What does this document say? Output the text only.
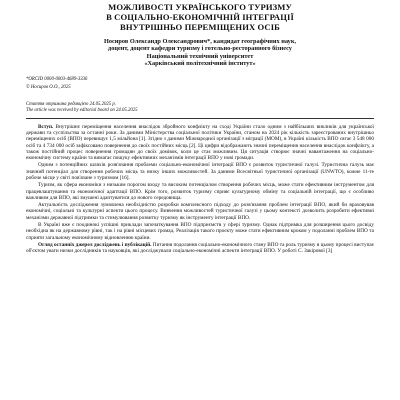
МОЖЛИВОСТІ УКРАЇНСЬКОГО ТУРИЗМУ
В СОЦІАЛЬНО-ЕКОНОМІЧНІЙ ІНТЕГРАЦІЇ
ВНУТРІШНЬО ПЕРЕМІЩЕНИХ ОСІБ
Носиров Олександр Олександрович*, кандидат географічних наук,
доцент, доцент кафедри туризму і готельно-ресторанного бізнесу
Національний технічний університет
«Харківський політехнічний інститут»
*ORCID 0000-0003-4689-3336
© Носиров О.О., 2025
Стаття отримана редакцією 24.05.2025 р.
The article was received by editorial board on 24.05.2025

Вступ. Внутрішнє переміщення населення внаслідок збройного конфлікту на сході України стало одним з найбільших викликів для української держави та суспільства за останні роки. За даними Міністерства соціальної політики України, станом на 2024 рік кількість зареєстрованих внутрішньо переміщених осіб (ВПО) перевищує 1,5 мільйона [1]. Згідно з даними Міжнародної організації з міграції (МОМ), в Україні кількість ВПО сягає 3 548 000 осіб та 4 734 000 осіб зафіксовано повернення до своїх постійних місць [2]. Ці цифри відображають значні переміщення населення внаслідок конфлікту, а також постійний процес повернення громадян до своїх домівок, коли це стає можливим. Ця ситуація створює значні навантаження на соціально-економічну систему країни та вимагає пошуку ефективних механізмів інтеграції ВПО у нові громади.

Одним з потенційних шляхів розв'язання проблеми соціально-економічної інтеграції ВПО є розвиток туристичної галузі. Туристична галузь має значний потенціал для створення робочих місць та низку інших можливостей. За даними Всесвітньої туристичної організації (UNWTO), кожне 11-те робоче місце у світі пов'язане з туризмом [16].

Туризм, як сфера економіки з низьким порогом входу та високим потенціалом створення робочих місць, може стати ефективним інструментом для працевлаштування та економічної адаптації ВПО. Крім того, розвиток туризму сприяє культурному обміну та соціальній інтеграції, що є особливо важливим для ВПО, які змушені адаптуватися до нового середовища.

Актуальність дослідження зумовлена необхідністю розробки комплексного підходу до розв'язання проблем інтеграції ВПО, який би враховував економічні, соціальні та культурні аспекти цього процесу. Вивчення можливостей туристичної галузі у цьому контексті дозволить розробити ефективні механізми державної підтримки та стимулювання розвитку туризму як інструменту інтеграції ВПО.

В Україні вже є поодинокі успішні приклади започаткування ВПО підприємств у сфері туризму. Однак підтримка для розширення цього досвіду необхідна як на державному рівні, так і на рівні місцевих громад. Реалізація такого проєкту може стати ефективним кроком у подоланні проблем ВПО та сприяти загальному економічному відновленню країни.

Огляд останніх джерел досліджень і публікацій. Питання подолання соціально-економічного стану ВПО та роль туризму в цьому процесі виступає об'єктом уваги низки дослідників та науковців, які досліджували соціально-економічні аспекти інтеграції ВПО. У роботі С. Закірової [3]
